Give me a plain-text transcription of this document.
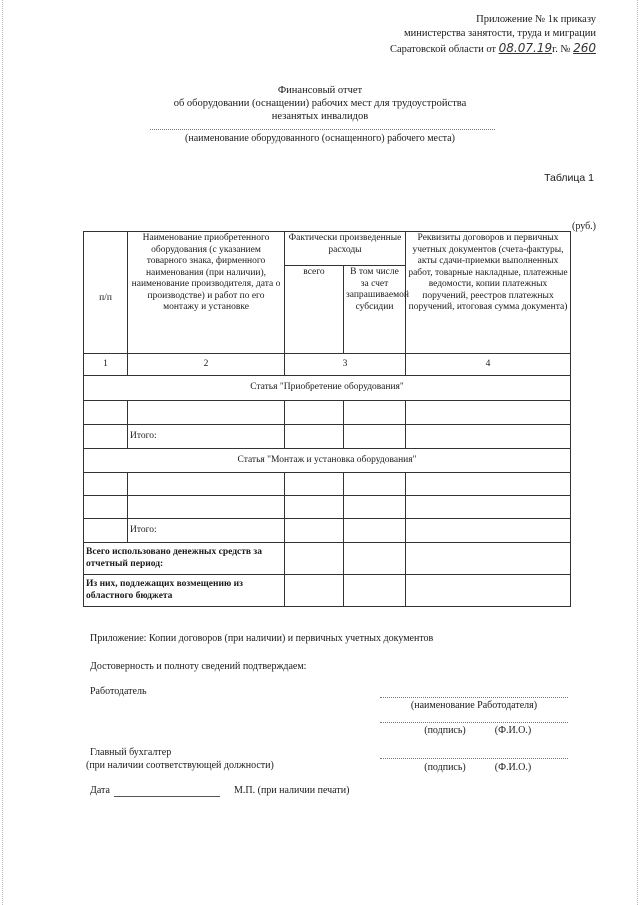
Приложение № 1к приказу
министерства занятости, труда и миграции
Саратовской области от 08.07.19г. № 260
Финансовый отчет
об оборудовании (оснащении) рабочих мест для трудоустройства
незанятых инвалидов
(наименование оборудованного (оснащенного) рабочего места)
Таблица 1
(руб.)
п/п	Наименование приобретенного оборудования (с указанием товарного знака, фирменного наименования (при наличии), наименование производителя, дата о производстве) и работ по его монтажу и установке	Фактически произведенные расходы		Реквизиты договоров и первичных учетных документов (счета-фактуры, акты сдачи-приемки выполненных работ, товарные накладные, платежные ведомости, копии платежных поручений, реестров платежных поручений, итоговая сумма документа)
		всего	В том числе за счет запрашиваемой субсидии	
1	2	3		4
Статья "Приобретение оборудования"				

	Итого:			
Статья "Монтаж и установка оборудования"				

	Итого:			
Всего использовано денежных средств за отчетный период:				
Из них, подлежащих возмещению из областного бюджета				
Приложение: Копии договоров (при наличии) и первичных учетных документов
Достоверность и полноту сведений подтверждаем:
Работодатель
(наименование Работодателя)
(подпись)	(Ф.И.О.)
Главный бухгалтер
(при наличии соответствующей должности)	(подпись)	(Ф.И.О.)
Дата	М.П. (при наличии печати)
